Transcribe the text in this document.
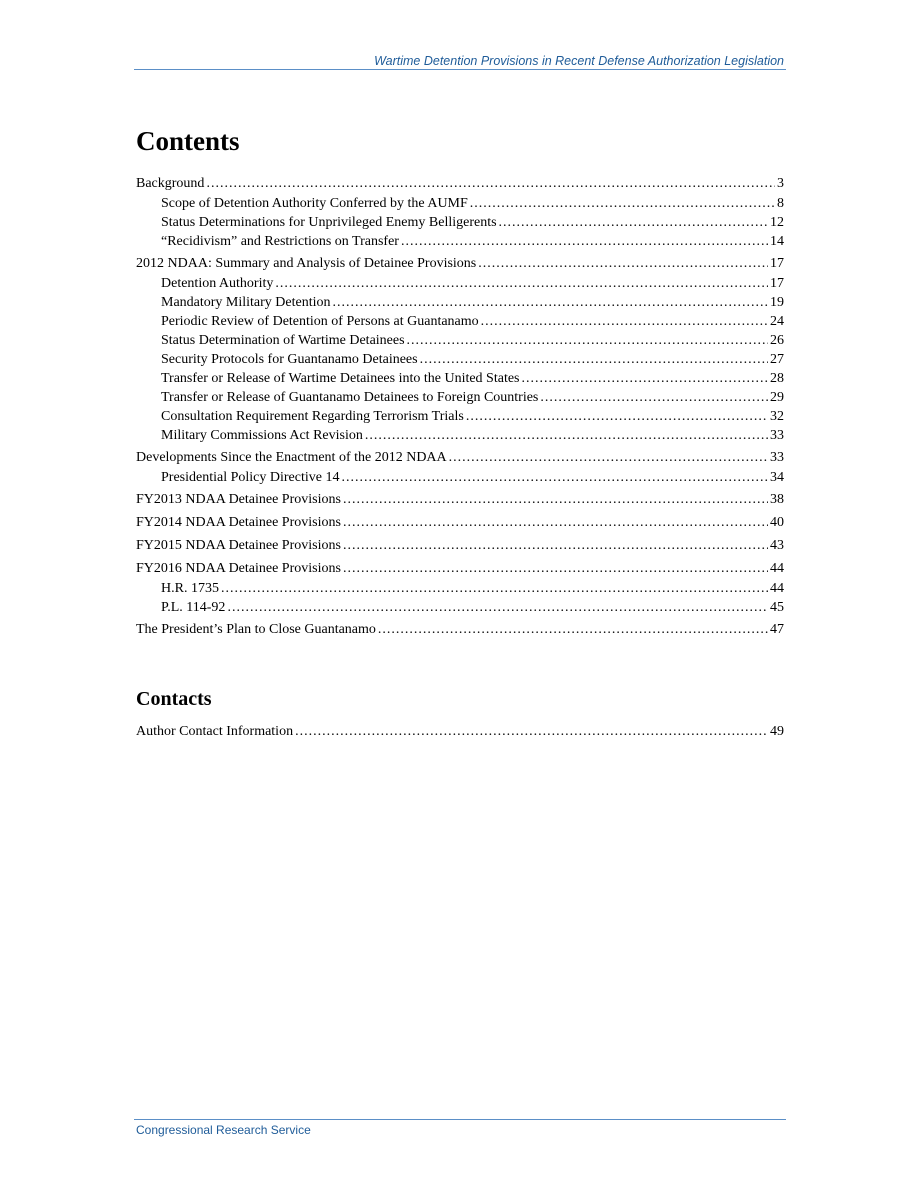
Wartime Detention Provisions in Recent Defense Authorization Legislation
Contents
Background .....	3
Scope of Detention Authority Conferred by the AUMF .....	8
Status Determinations for Unprivileged Enemy Belligerents .....	12
“Recidivism” and Restrictions on Transfer .....	14
2012 NDAA: Summary and Analysis of Detainee Provisions .....	17
Detention Authority .....	17
Mandatory Military Detention .....	19
Periodic Review of Detention of Persons at Guantanamo .....	24
Status Determination of Wartime Detainees .....	26
Security Protocols for Guantanamo Detainees .....	27
Transfer or Release of Wartime Detainees into the United States .....	28
Transfer or Release of Guantanamo Detainees to Foreign Countries .....	29
Consultation Requirement Regarding Terrorism Trials .....	32
Military Commissions Act Revision .....	33
Developments Since the Enactment of the 2012 NDAA .....	33
Presidential Policy Directive 14 .....	34
FY2013 NDAA Detainee Provisions .....	38
FY2014 NDAA Detainee Provisions .....	40
FY2015 NDAA Detainee Provisions .....	43
FY2016 NDAA Detainee Provisions .....	44
H.R. 1735 .....	44
P.L. 114-92 .....	45
The President’s Plan to Close Guantanamo .....	47
Contacts
Author Contact Information .....	49
Congressional Research Service
